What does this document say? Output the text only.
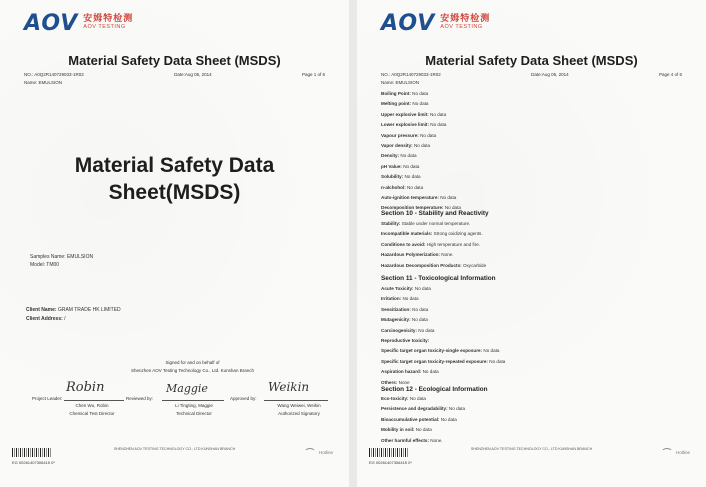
AOV 安姆特检测
AOV TESTING
Material Safety Data Sheet (MSDS)
NO.: A0Q2R140729033-1R02	Date:Aug 05, 2014	Page 1 of 6
Name: EMULSION
Material Safety Data
Sheet(MSDS)
Samples Name: EMULSION
Model: TM00
Client Name: GRAM TRADE HK LIMITED
Client Address: /
Signed for and on behalf of
Shenzhen AOV Testing Technology Co., Ltd. Kunshan Branch
Project Leader:
Robin
Chen Wu, Robin
Chemical Test Director
Reviewed by:
Maggie
Li Tingting, Maggie
Technical Director
Approved by:
Weikin
Wang Weiwei, Weikin
Authorized Signatory
EG 00261407306415 0*
SHENZHEN AOV TESTING TECHNOLOGY CO., LTD KUNSHAN BRANCH
Hotline
AOV 安姆特检测
AOV TESTING
Material Safety Data Sheet (MSDS)
NO.: A0Q2R140729033-1R02	Date:Aug 05, 2014	Page 4 of 6
Name: EMULSION
Boiling Point: No data
Melting point: No data
Upper explosive limit: No data
Lower explosive limit: No data
Vapour pressure: No data
Vapor density: No data
Density: No data
pH Value: No data
Solubility: No data
n-alchohol: No data
Auto-ignition temperature: No data
Decomposition temperature: No data
Section 10 - Stability and Reactivity
Stability: Stable under normal temperature.
Incompatible materials: Strong oxidizing agents.
Conditions to avoid: High temperature and fire.
Hazardous Polymerization: None.
Hazardous Decomposition Products: Oxycarbide
Section 11 - Toxicological Information
Acute Toxicity: No data
Irritation: No data
Sensitization: No data
Mutagenicity: No data
Carcinogenicity: No data
Reproductive toxicity:
Specific target organ toxicity-single exposure: No data
Specific target organ toxicity-repeated exposure: No data
Aspiration hazard: No data
Others: None
Section 12 - Ecological Information
Eco-toxicity: No data
Persistence and degradability: No data
Bioaccumulative potential: No data
Mobility in soil: No data
Other harmful effects: None.
EG 00261407306415 0*
SHENZHEN AOV TESTING TECHNOLOGY CO., LTD KUNSHAN BRANCH
Hotline
